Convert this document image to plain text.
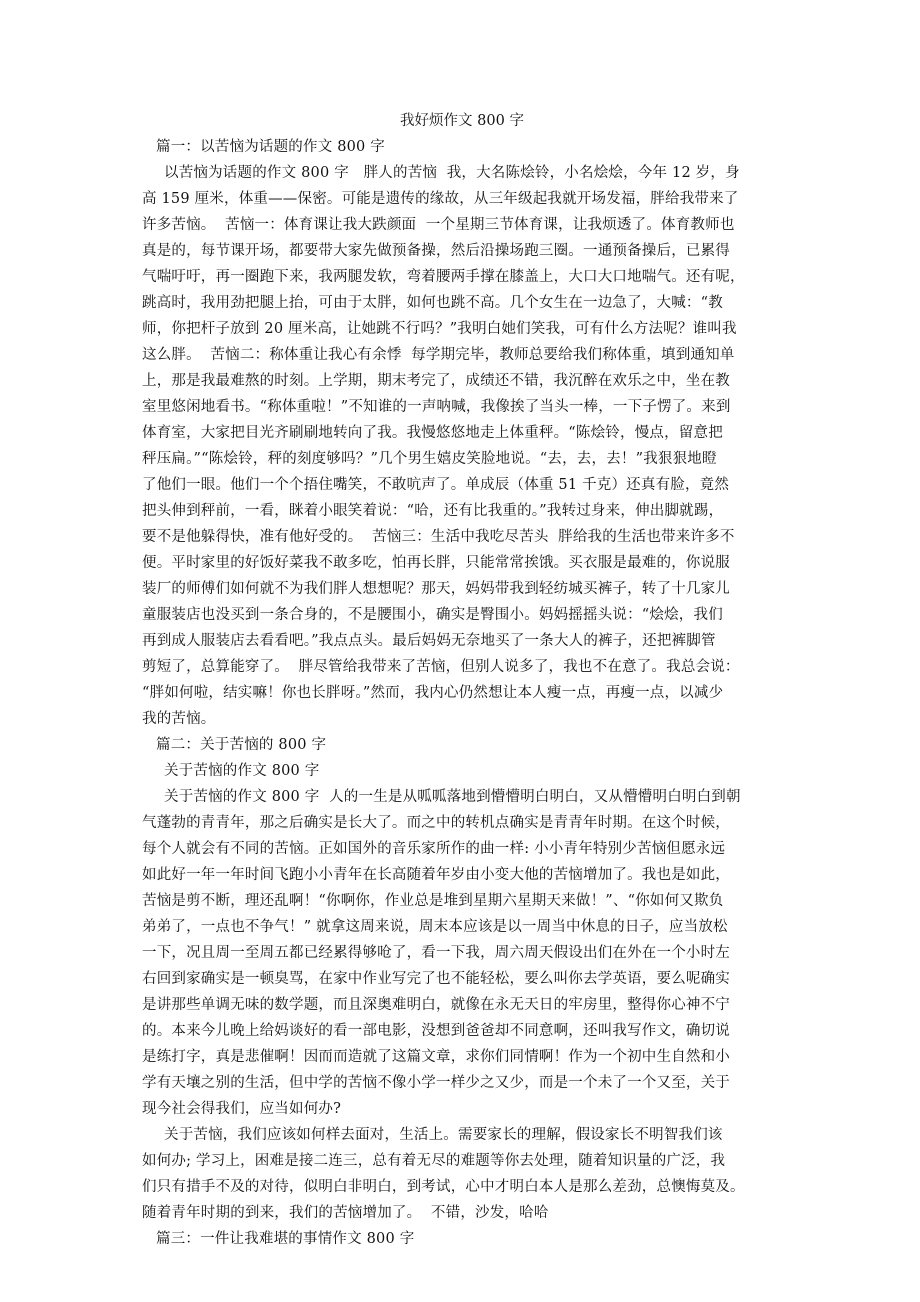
我好烦作文 800 字

篇一：以苦恼为话题的作文 800 字

以苦恼为话题的作文 800 字　胖人的苦恼  我，大名陈烩铃，小名烩烩，今年 12 岁，身

高 159 厘米，体重——保密。可能是遗传的缘故，从三年级起我就开场发福，胖给我带来了

许多苦恼。  苦恼一：体育课让我大跌颜面  一个星期三节体育课，让我烦透了。体育教师也

真是的，每节课开场，都要带大家先做预备操，然后沿操场跑三圈。一通预备操后，已累得

气喘吁吁，再一圈跑下来，我两腿发软，弯着腰两手撑在膝盖上，大口大口地喘气。还有呢，

跳高时，我用劲把腿上抬，可由于太胖，如何也跳不高。几个女生在一边急了，大喊：“教

师，你把杆子放到 20 厘米高，让她跳不行吗？”我明白她们笑我，可有什么方法呢？谁叫我

这么胖。  苦恼二：称体重让我心有余悸  每学期完毕，教师总要给我们称体重，填到通知单

上，那是我最难熬的时刻。上学期，期末考完了，成绩还不错，我沉醉在欢乐之中，坐在教

室里悠闲地看书。“称体重啦！”不知谁的一声呐喊，我像挨了当头一棒，一下子愣了。来到

体育室，大家把目光齐刷刷地转向了我。我慢悠悠地走上体重秤。“陈烩铃，慢点，留意把

秤压扁。”“陈烩铃，秤的刻度够吗？”几个男生嬉皮笑脸地说。“去，去，去！”我狠狠地瞪

了他们一眼。他们一个个捂住嘴笑，不敢吭声了。单成辰（体重 51 千克）还真有脸，竟然

把头伸到秤前，一看，眯着小眼笑着说：“哈，还有比我重的。”我转过身来，伸出脚就踢，

要不是他躲得快，准有他好受的。  苦恼三：生活中我吃尽苦头  胖给我的生活也带来许多不

便。平时家里的好饭好菜我不敢多吃，怕再长胖，只能常常挨饿。买衣服是最难的，你说服

装厂的师傅们如何就不为我们胖人想想呢？那天，妈妈带我到轻纺城买裤子，转了十几家儿

童服装店也没买到一条合身的，不是腰围小，确实是臀围小。妈妈摇摇头说：“烩烩，我们

再到成人服装店去看看吧。”我点点头。最后妈妈无奈地买了一条大人的裤子，还把裤脚管

剪短了，总算能穿了。  胖尽管给我带来了苦恼，但别人说多了，我也不在意了。我总会说：

“胖如何啦，结实嘛！你也长胖呀。”然而，我内心仍然想让本人瘦一点，再瘦一点，以减少

我的苦恼。

篇二：关于苦恼的 800 字

关于苦恼的作文 800 字

关于苦恼的作文 800 字  人的一生是从呱呱落地到懵懵明白明白，又从懵懵明白明白到朝

气蓬勃的青青年，那之后确实是长大了。而之中的转机点确实是青青年时期。在这个时候，

每个人就会有不同的苦恼。正如国外的音乐家所作的曲一样: 小小青年特别少苦恼但愿永远

如此好一年一年时间飞跑小小青年在长高随着年岁由小变大他的苦恼增加了。我也是如此，

苦恼是剪不断，理还乱啊！“你啊你，作业总是堆到星期六星期天来做！”、“你如何又欺负

弟弟了，一点也不争气！” 就拿这周来说，周末本应该是以一周当中休息的日子，应当放松

一下，况且周一至周五都已经累得够呛了，看一下我，周六周天假设出们在外在一个小时左

右回到家确实是一顿臭骂，在家中作业写完了也不能轻松，要么叫你去学英语，要么呢确实

是讲那些单调无味的数学题，而且深奥难明白，就像在永无天日的牢房里，整得你心神不宁

的。本来今儿晚上给妈谈好的看一部电影，没想到爸爸却不同意啊，还叫我写作文，确切说

是练打字，真是悲催啊！因而而造就了这篇文章，求你们同情啊！作为一个初中生自然和小

学有天壤之别的生活，但中学的苦恼不像小学一样少之又少，而是一个未了一个又至，关于

现今社会得我们，应当如何办?

关于苦恼，我们应该如何样去面对，生活上。需要家长的理解，假设家长不明智我们该

如何办; 学习上，困难是接二连三，总有着无尽的难题等你去处理，随着知识量的广泛，我

们只有措手不及的对待，似明白非明白，到考试，心中才明白本人是那么差劲，总懊悔莫及。

随着青年时期的到来，我们的苦恼增加了。  不错，沙发，哈哈

篇三：一件让我难堪的事情作文 800 字
